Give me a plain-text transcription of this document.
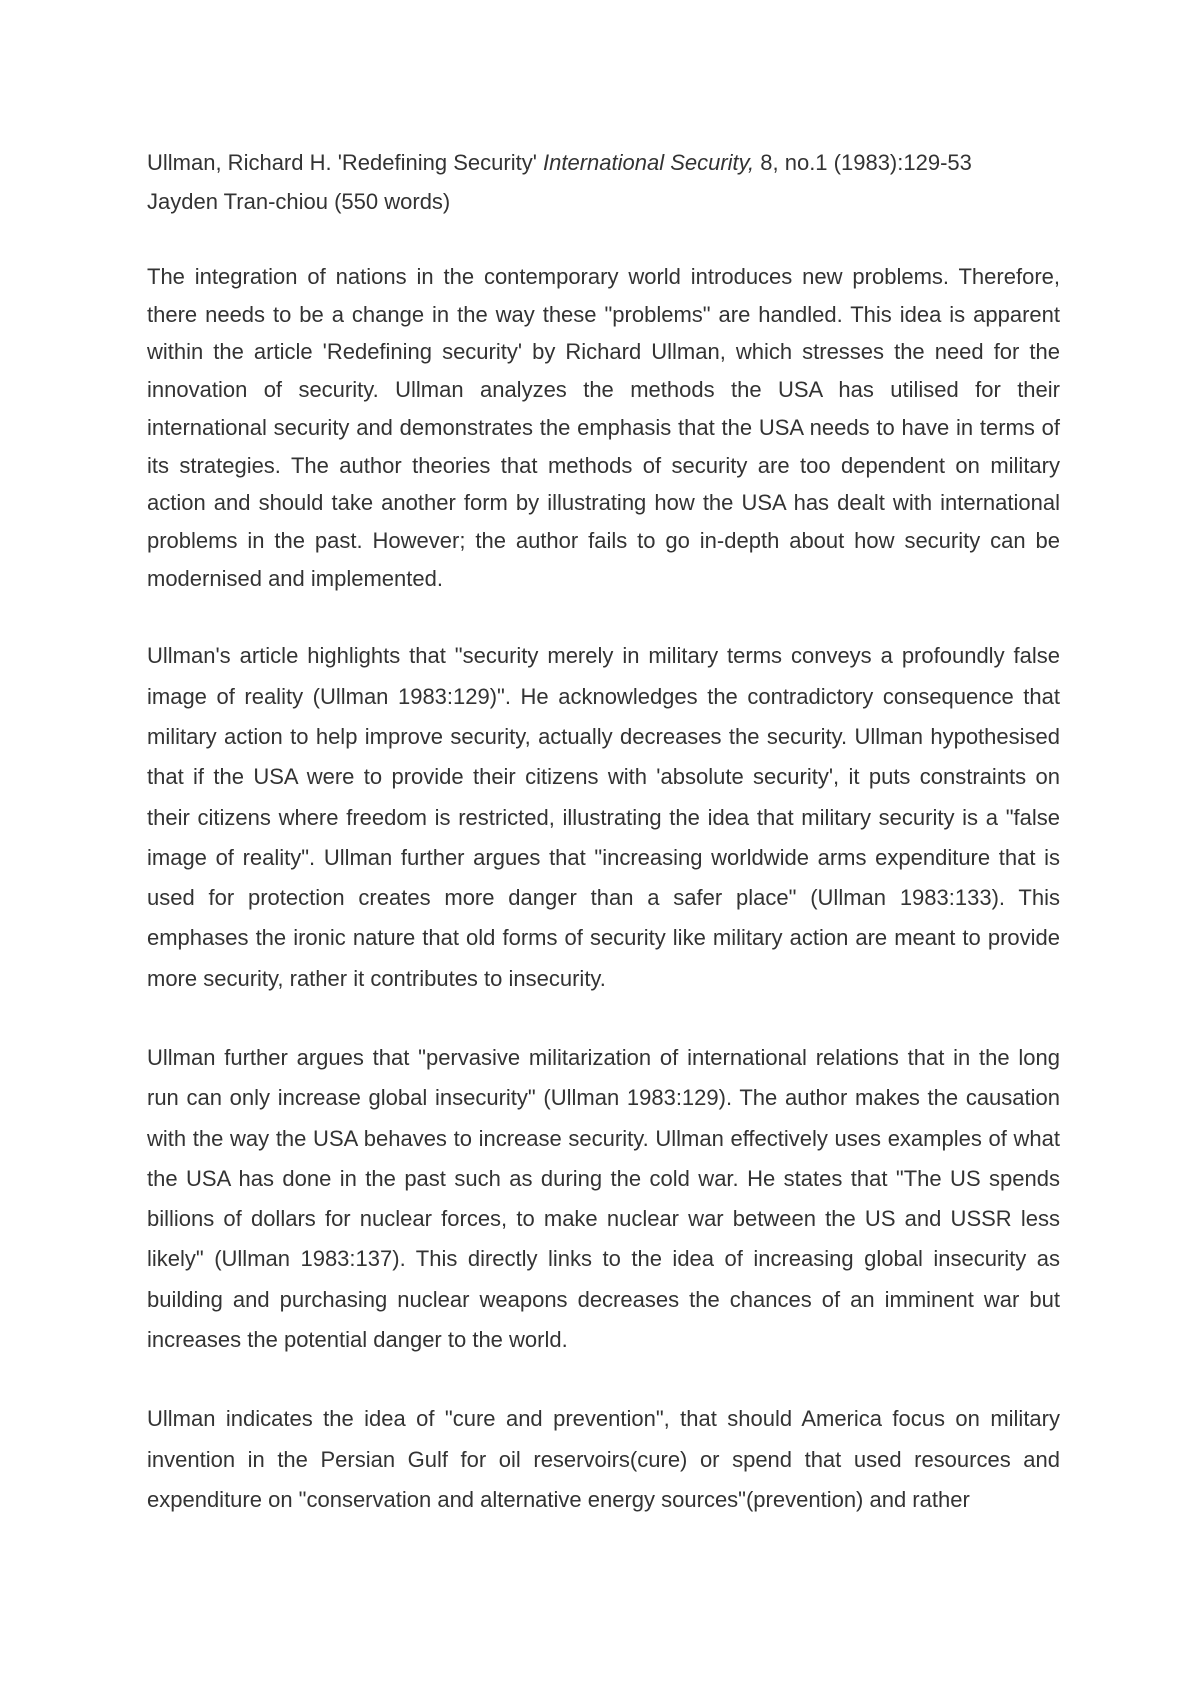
Ullman, Richard H. 'Redefining Security' International Security, 8, no.1 (1983):129-53

Jayden Tran-chiou (550 words)

The integration of nations in the contemporary world introduces new problems. Therefore, there needs to be a change in the way these "problems" are handled. This idea is apparent within the article 'Redefining security' by Richard Ullman, which stresses the need for the innovation of security. Ullman analyzes the methods the USA has utilised for their international security and demonstrates the emphasis that the USA needs to have in terms of its strategies. The author theories that methods of security are too dependent on military action and should take another form by illustrating how the USA has dealt with international problems in the past. However; the author fails to go in-depth about how security can be modernised and implemented.

Ullman's article highlights that "security merely in military terms conveys a profoundly false image of reality (Ullman 1983:129)". He acknowledges the contradictory consequence that military action to help improve security, actually decreases the security. Ullman hypothesised that if the USA were to provide their citizens with 'absolute security', it puts constraints on their citizens where freedom is restricted, illustrating the idea that military security is a "false image of reality". Ullman further argues that "increasing worldwide arms expenditure that is used for protection creates more danger than a safer place" (Ullman 1983:133). This emphases the ironic nature that old forms of security like military action are meant to provide more security, rather it contributes to insecurity.

Ullman further argues that "pervasive militarization of international relations that in the long run can only increase global insecurity" (Ullman 1983:129). The author makes the causation with the way the USA behaves to increase security. Ullman effectively uses examples of what the USA has done in the past such as during the cold war. He states that "The US spends billions of dollars for nuclear forces, to make nuclear war between the US and USSR less likely" (Ullman 1983:137). This directly links to the idea of increasing global insecurity as building and purchasing nuclear weapons decreases the chances of an imminent war but increases the potential danger to the world.

Ullman indicates the idea of "cure and prevention", that should America focus on military invention in the Persian Gulf for oil reservoirs(cure) or spend that used resources and expenditure on "conservation and alternative energy sources"(prevention) and rather
